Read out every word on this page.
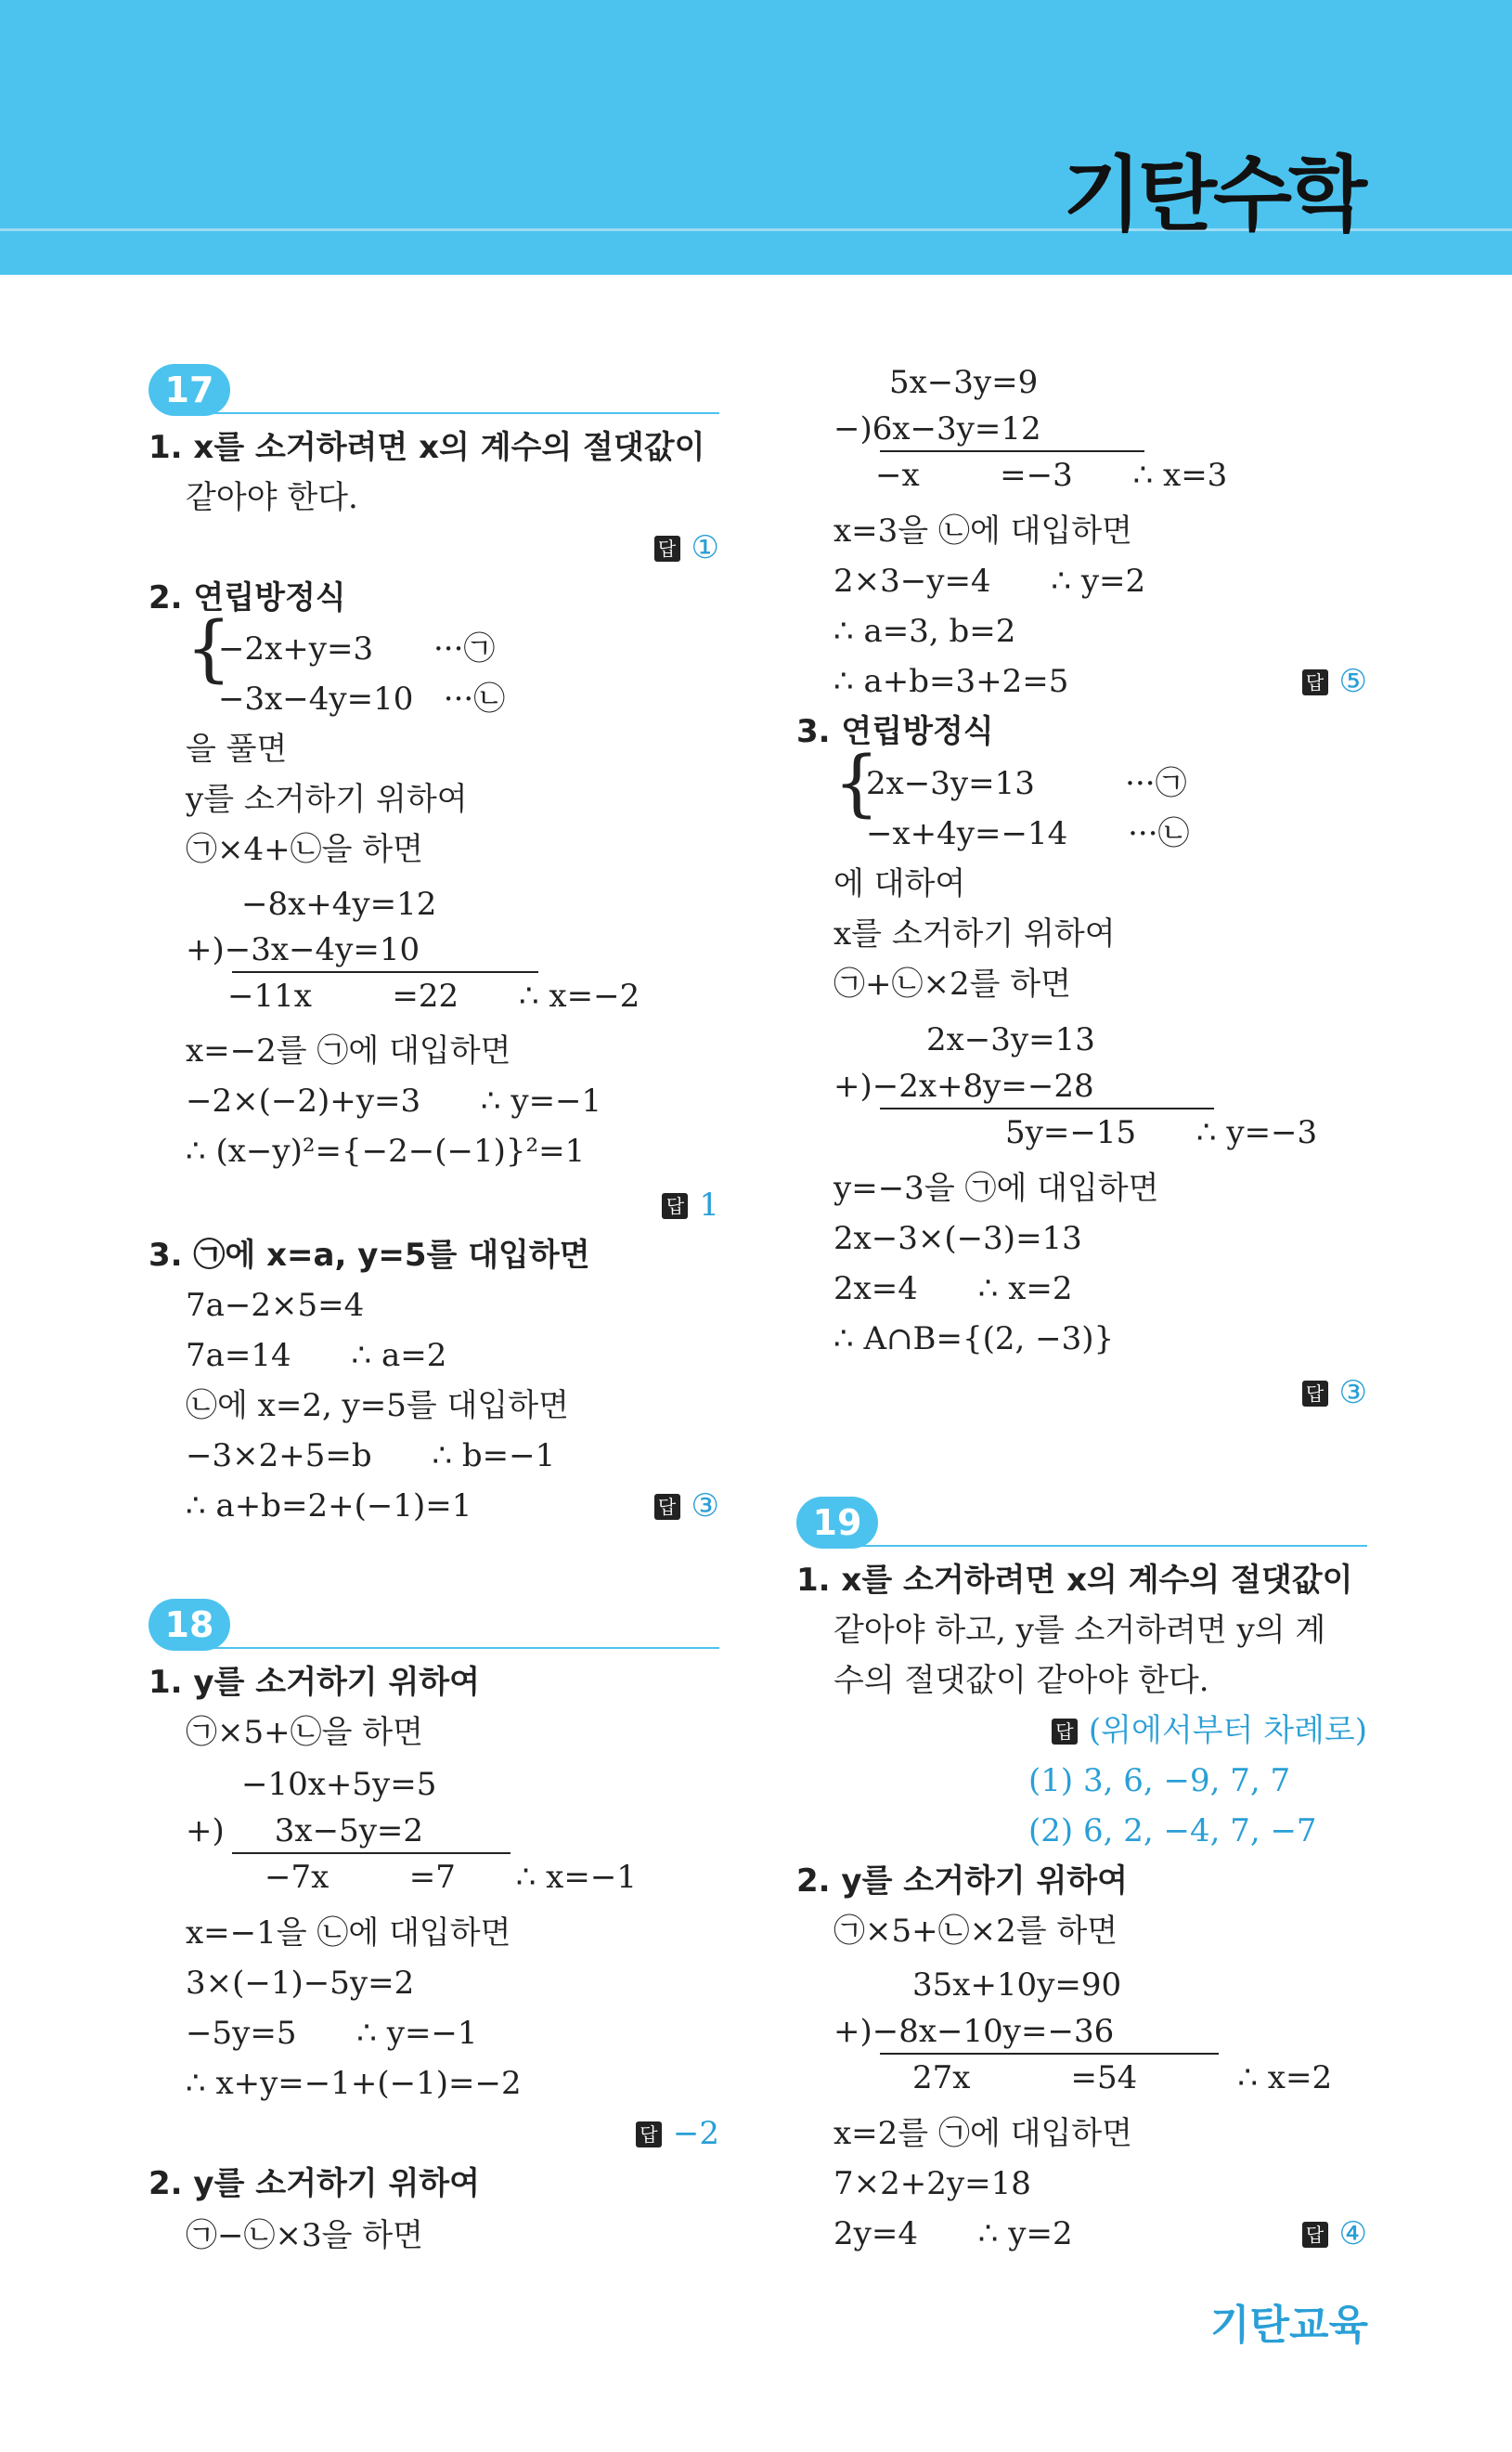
기탄수학
17
1. x를 소거하려면 x의 계수의 절댓값이
같아야 한다.
답 ①
2. 연립방정식
{
−2x+y=3      ···㉠
−3x−4y=10   ···㉡
을 풀면
y를 소거하기 위하여
㉠×4+㉡을 하면
−8x+4y=12
+)−3x−4y=10
−11x        =22      ∴ x=−2
x=−2를 ㉠에 대입하면
−2×(−2)+y=3      ∴ y=−1
∴ (x−y)²={−2−(−1)}²=1
답 1
3. ㉠에 x=a, y=5를 대입하면
7a−2×5=4
7a=14      ∴ a=2
㉡에 x=2, y=5를 대입하면
−3×2+5=b      ∴ b=−1
∴ a+b=2+(−1)=1	답 ③
18
1. y를 소거하기 위하여
㉠×5+㉡을 하면
−10x+5y=5
+)     3x−5y=2
−7x        =7      ∴ x=−1
x=−1을 ㉡에 대입하면
3×(−1)−5y=2
−5y=5      ∴ y=−1
∴ x+y=−1+(−1)=−2
답 −2
2. y를 소거하기 위하여
㉠−㉡×3을 하면
5x−3y=9
−)6x−3y=12
−x        =−3      ∴ x=3
x=3을 ㉡에 대입하면
2×3−y=4      ∴ y=2
∴ a=3, b=2
∴ a+b=3+2=5	답 ⑤
3. 연립방정식
{
2x−3y=13         ···㉠
−x+4y=−14      ···㉡
에 대하여
x를 소거하기 위하여
㉠+㉡×2를 하면
2x−3y=13
+)−2x+8y=−28
5y=−15      ∴ y=−3
y=−3을 ㉠에 대입하면
2x−3×(−3)=13
2x=4      ∴ x=2
∴ A∩B={(2, −3)}
답 ③
19
1. x를 소거하려면 x의 계수의 절댓값이
같아야 하고, y를 소거하려면 y의 계
수의 절댓값이 같아야 한다.
답 (위에서부터 차례로)
(1) 3, 6, −9, 7, 7
(2) 6, 2, −4, 7, −7
2. y를 소거하기 위하여
㉠×5+㉡×2를 하면
35x+10y=90
+)−8x−10y=−36
27x          =54          ∴ x=2
x=2를 ㉠에 대입하면
7×2+2y=18
2y=4      ∴ y=2	답 ④
기탄교육
